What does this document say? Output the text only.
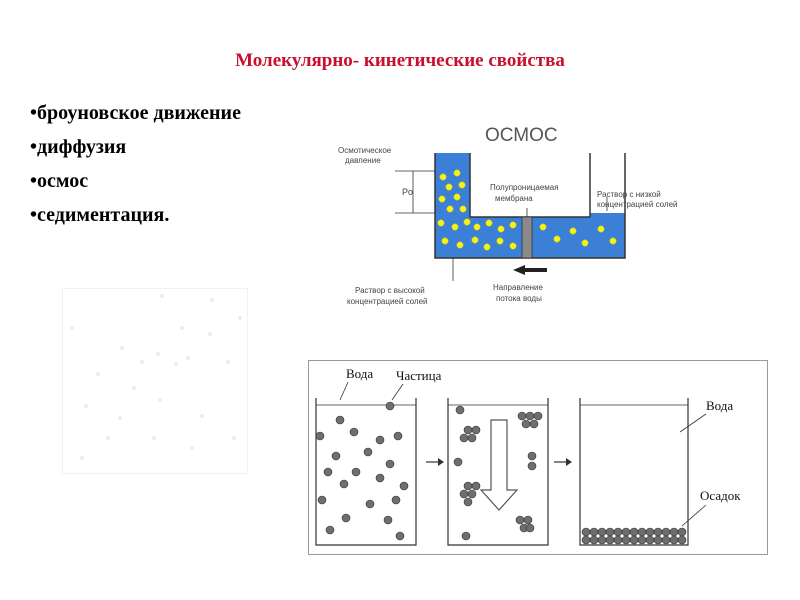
Молекулярно- кинетические свойства
• броуновское движение
• диффузия
• осмос
• седиментация.
ОСМОС
Осмотическое
давление
Po	Полупроницаемая
мембрана	Раствор с низкой
концентрацией солей
Направление
потока воды
Раствор с высокой
концентрацией солей
Вода Частица
Вода
Осадок
